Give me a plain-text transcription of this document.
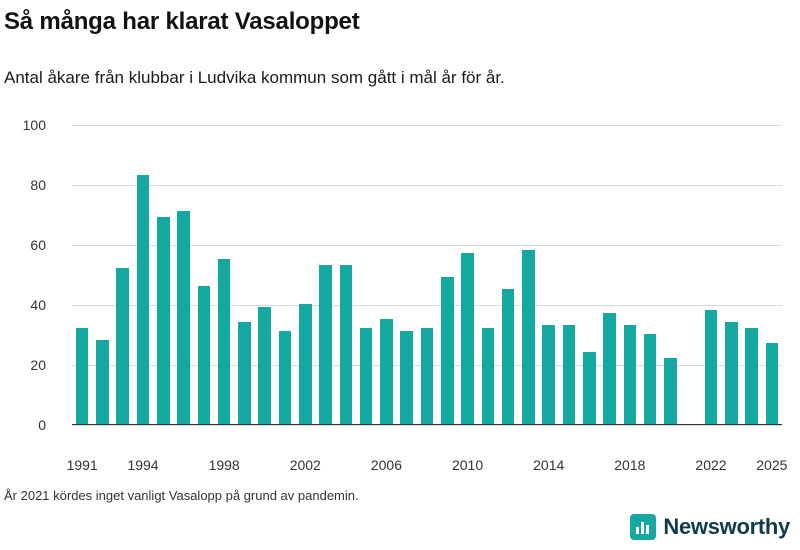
Så många har klarat Vasaloppet
Antal åkare från klubbar i Ludvika kommun som gått i mål år för år.
0
20
40
60
80
100
1991 1994	1998	2002	2006	2010	2014	2018	2022 2025
År 2021 kördes inget vanligt Vasalopp på grund av pandemin.
Newsworthy
